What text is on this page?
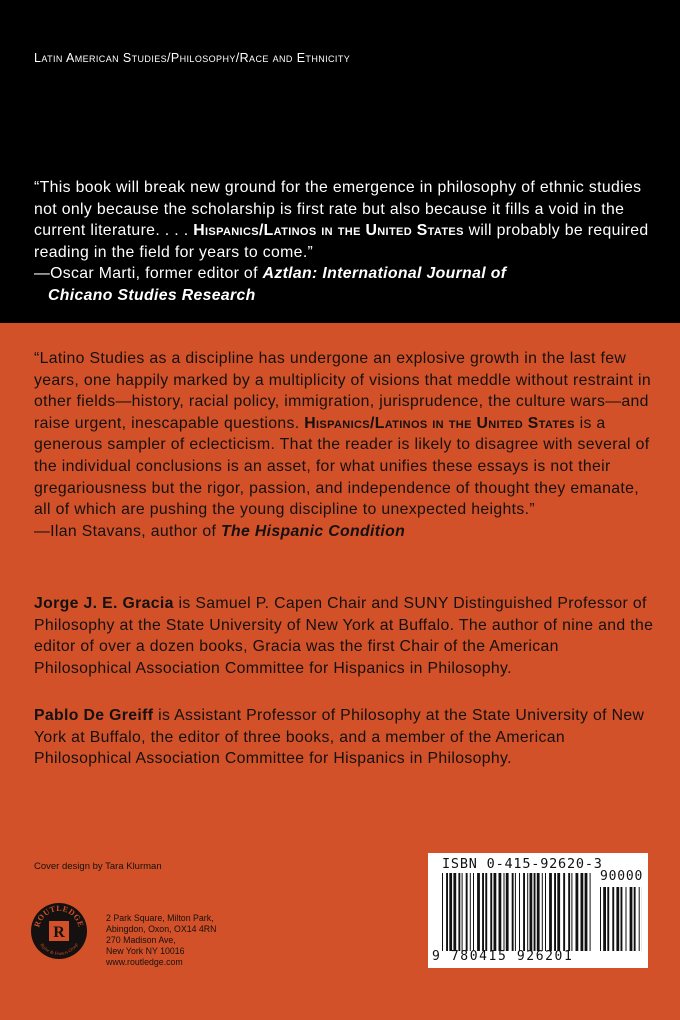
Latin American Studies/Philosophy/Race and Ethnicity

“This book will break new ground for the emergence in philosophy of ethnic studies not only because the scholarship is first rate but also because it fills a void in the current literature. . . . Hispanics/Latinos in the United States will probably be required reading in the field for years to come.”
—Oscar Marti, former editor of Aztlan: International Journal of
Chicano Studies Research

“Latino Studies as a discipline has undergone an explosive growth in the last few years, one happily marked by a multiplicity of visions that meddle without restraint in other fields—history, racial policy, immigration, jurisprudence, the culture wars—and raise urgent, inescapable questions. Hispanics/Latinos in the United States is a generous sampler of eclecticism. That the reader is likely to disagree with several of the individual conclusions is an asset, for what unifies these essays is not their gregariousness but the rigor, passion, and independence of thought they emanate, all of which are pushing the young discipline to unexpected heights.”
—Ilan Stavans, author of The Hispanic Condition

Jorge J. E. Gracia is Samuel P. Capen Chair and SUNY Distinguished Professor of Philosophy at the State University of New York at Buffalo. The author of nine and the editor of over a dozen books, Gracia was the first Chair of the American Philosophical Association Committee for Hispanics in Philosophy.

Pablo De Greiff is Assistant Professor of Philosophy at the State University of New York at Buffalo, the editor of three books, and a member of the American Philosophical Association Committee for Hispanics in Philosophy.

Cover design by Tara Klurman
ROUTLEDGE
Taylor & Francis Group
R
2 Park Square, Milton Park,
Abingdon, Oxon, OX14 4RN
270 Madison Ave,
New York NY 10016
www.routledge.com
ISBN 0-415-92620-3
90000
9 780415 926201
